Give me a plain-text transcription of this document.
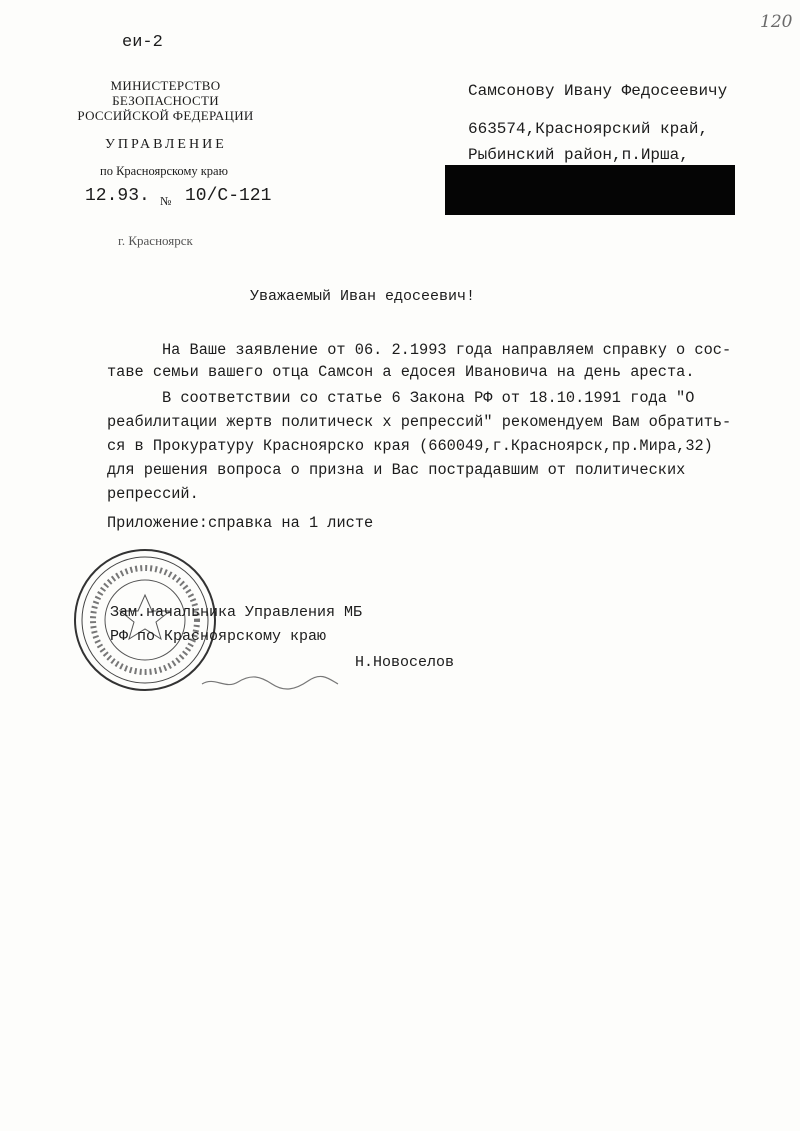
еи-2
120
МИНИСТЕРСТВО
БЕЗОПАСНОСТИ
РОССИЙСКОЙ ФЕДЕРАЦИИ
УПРАВЛЕНИЕ
по Красноярскому краю
12.93. № 10/С-121
г. Красноярск
Самсонову Ивану Федосеевичу
663574,Красноярский край,
Рыбинский район,п.Ирша,
Уважаемый Иван едосеевич!
На Ваше заявление от 06. 2.1993 года направляем справку о сос-
таве семьи вашего отца Самсон а едосея Ивановича на день ареста.
В соответствии со статье 6 Закона РФ от 18.10.1991 года "О
реабилитации жертв политическ х репрессий" рекомендуем Вам обратить-
ся в Прокуратуру Красноярско края (660049,г.Красноярск,пр.Мира,32)
для решения вопроса о призна и Вас пострадавшим от политических
репрессий.
Приложение:справка на 1 листе
Зам.начальника Управления МБ
РФ по Красноярскому краю
Н.Новоселов
